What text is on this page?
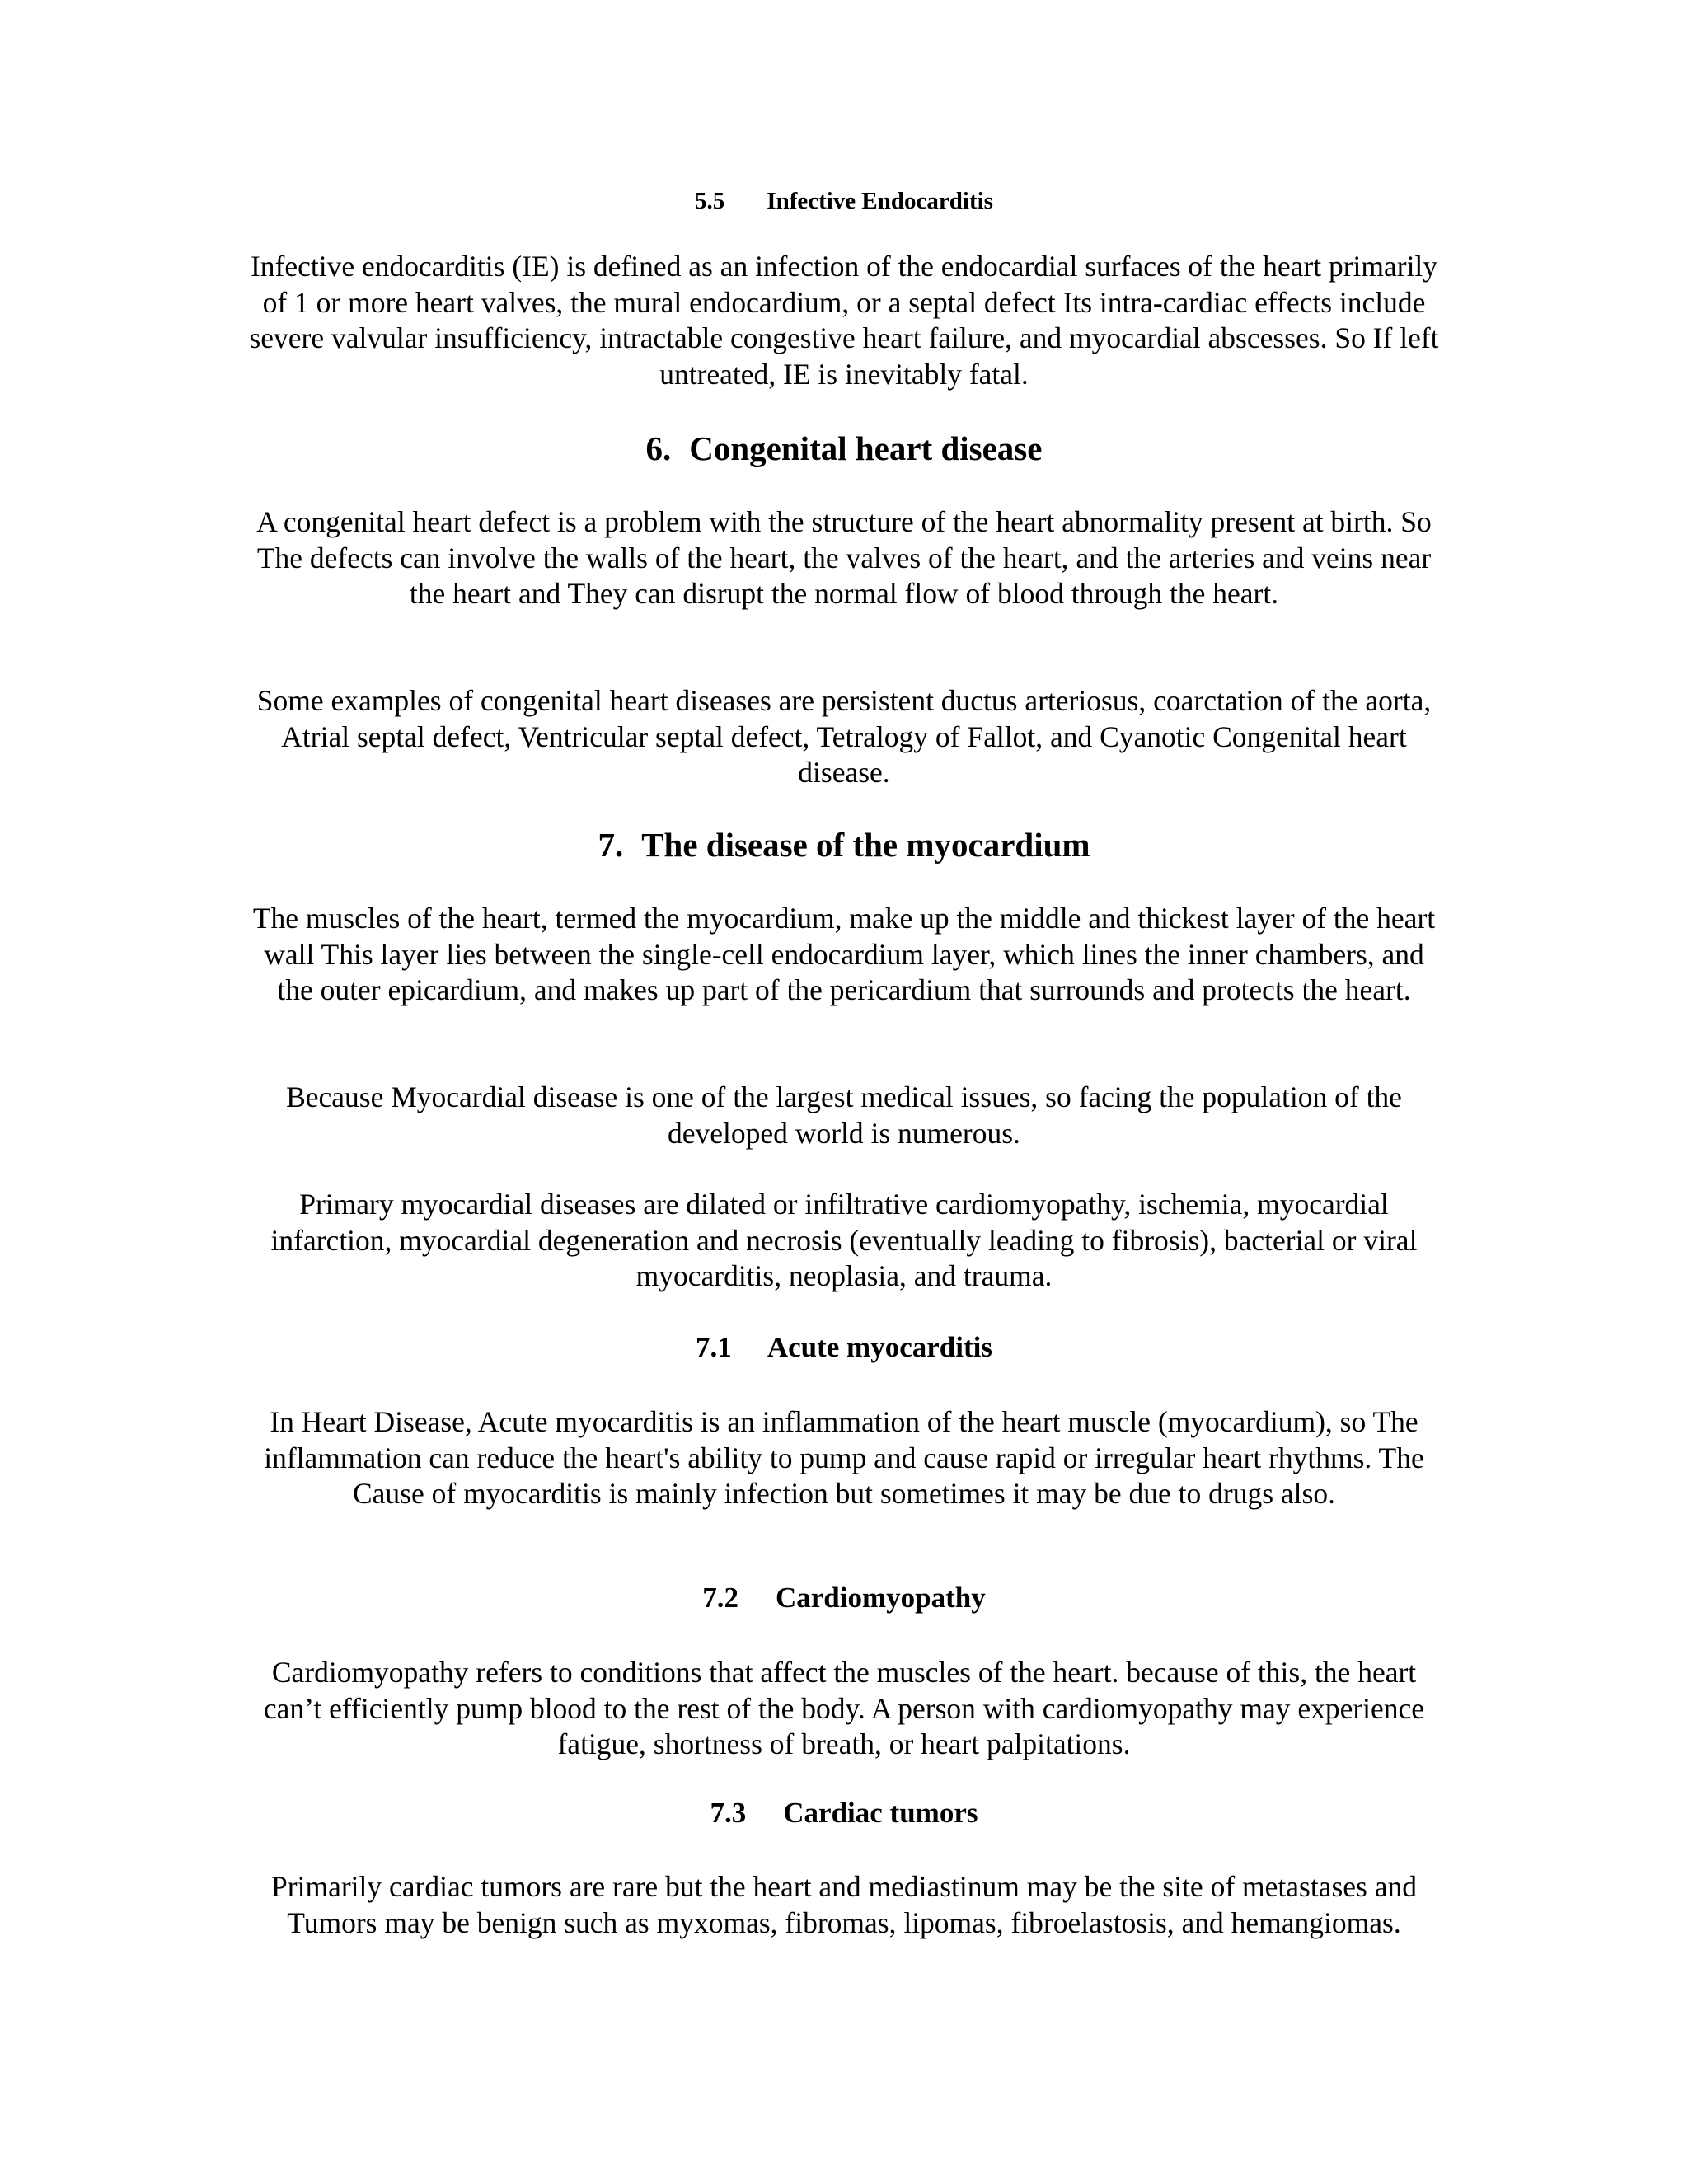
5.5 Infective Endocarditis

Infective endocarditis (IE) is defined as an infection of the endocardial surfaces of the heart primarily of 1 or more heart valves, the mural endocardium, or a septal defect Its intra-cardiac effects include severe valvular insufficiency, intractable congestive heart failure, and myocardial abscesses. So If left untreated, IE is inevitably fatal.

6. Congenital heart disease

A congenital heart defect is a problem with the structure of the heart abnormality present at birth. So The defects can involve the walls of the heart, the valves of the heart, and the arteries and veins near the heart and They can disrupt the normal flow of blood through the heart.

Some examples of congenital heart diseases are persistent ductus arteriosus, coarctation of the aorta, Atrial septal defect, Ventricular septal defect, Tetralogy of Fallot, and Cyanotic Congenital heart disease.

7. The disease of the myocardium

The muscles of the heart, termed the myocardium, make up the middle and thickest layer of the heart wall This layer lies between the single-cell endocardium layer, which lines the inner chambers, and the outer epicardium, and makes up part of the pericardium that surrounds and protects the heart.

Because Myocardial disease is one of the largest medical issues, so facing the population of the developed world is numerous.

Primary myocardial diseases are dilated or infiltrative cardiomyopathy, ischemia, myocardial infarction, myocardial degeneration and necrosis (eventually leading to fibrosis), bacterial or viral myocarditis, neoplasia, and trauma.

7.1 Acute myocarditis

In Heart Disease, Acute myocarditis is an inflammation of the heart muscle (myocardium), so The inflammation can reduce the heart's ability to pump and cause rapid or irregular heart rhythms. The Cause of myocarditis is mainly infection but sometimes it may be due to drugs also.

7.2 Cardiomyopathy

Cardiomyopathy refers to conditions that affect the muscles of the heart. because of this, the heart can’t efficiently pump blood to the rest of the body. A person with cardiomyopathy may experience fatigue, shortness of breath, or heart palpitations.

7.3 Cardiac tumors

Primarily cardiac tumors are rare but the heart and mediastinum may be the site of metastases and Tumors may be benign such as myxomas, fibromas, lipomas, fibroelastosis, and hemangiomas.
